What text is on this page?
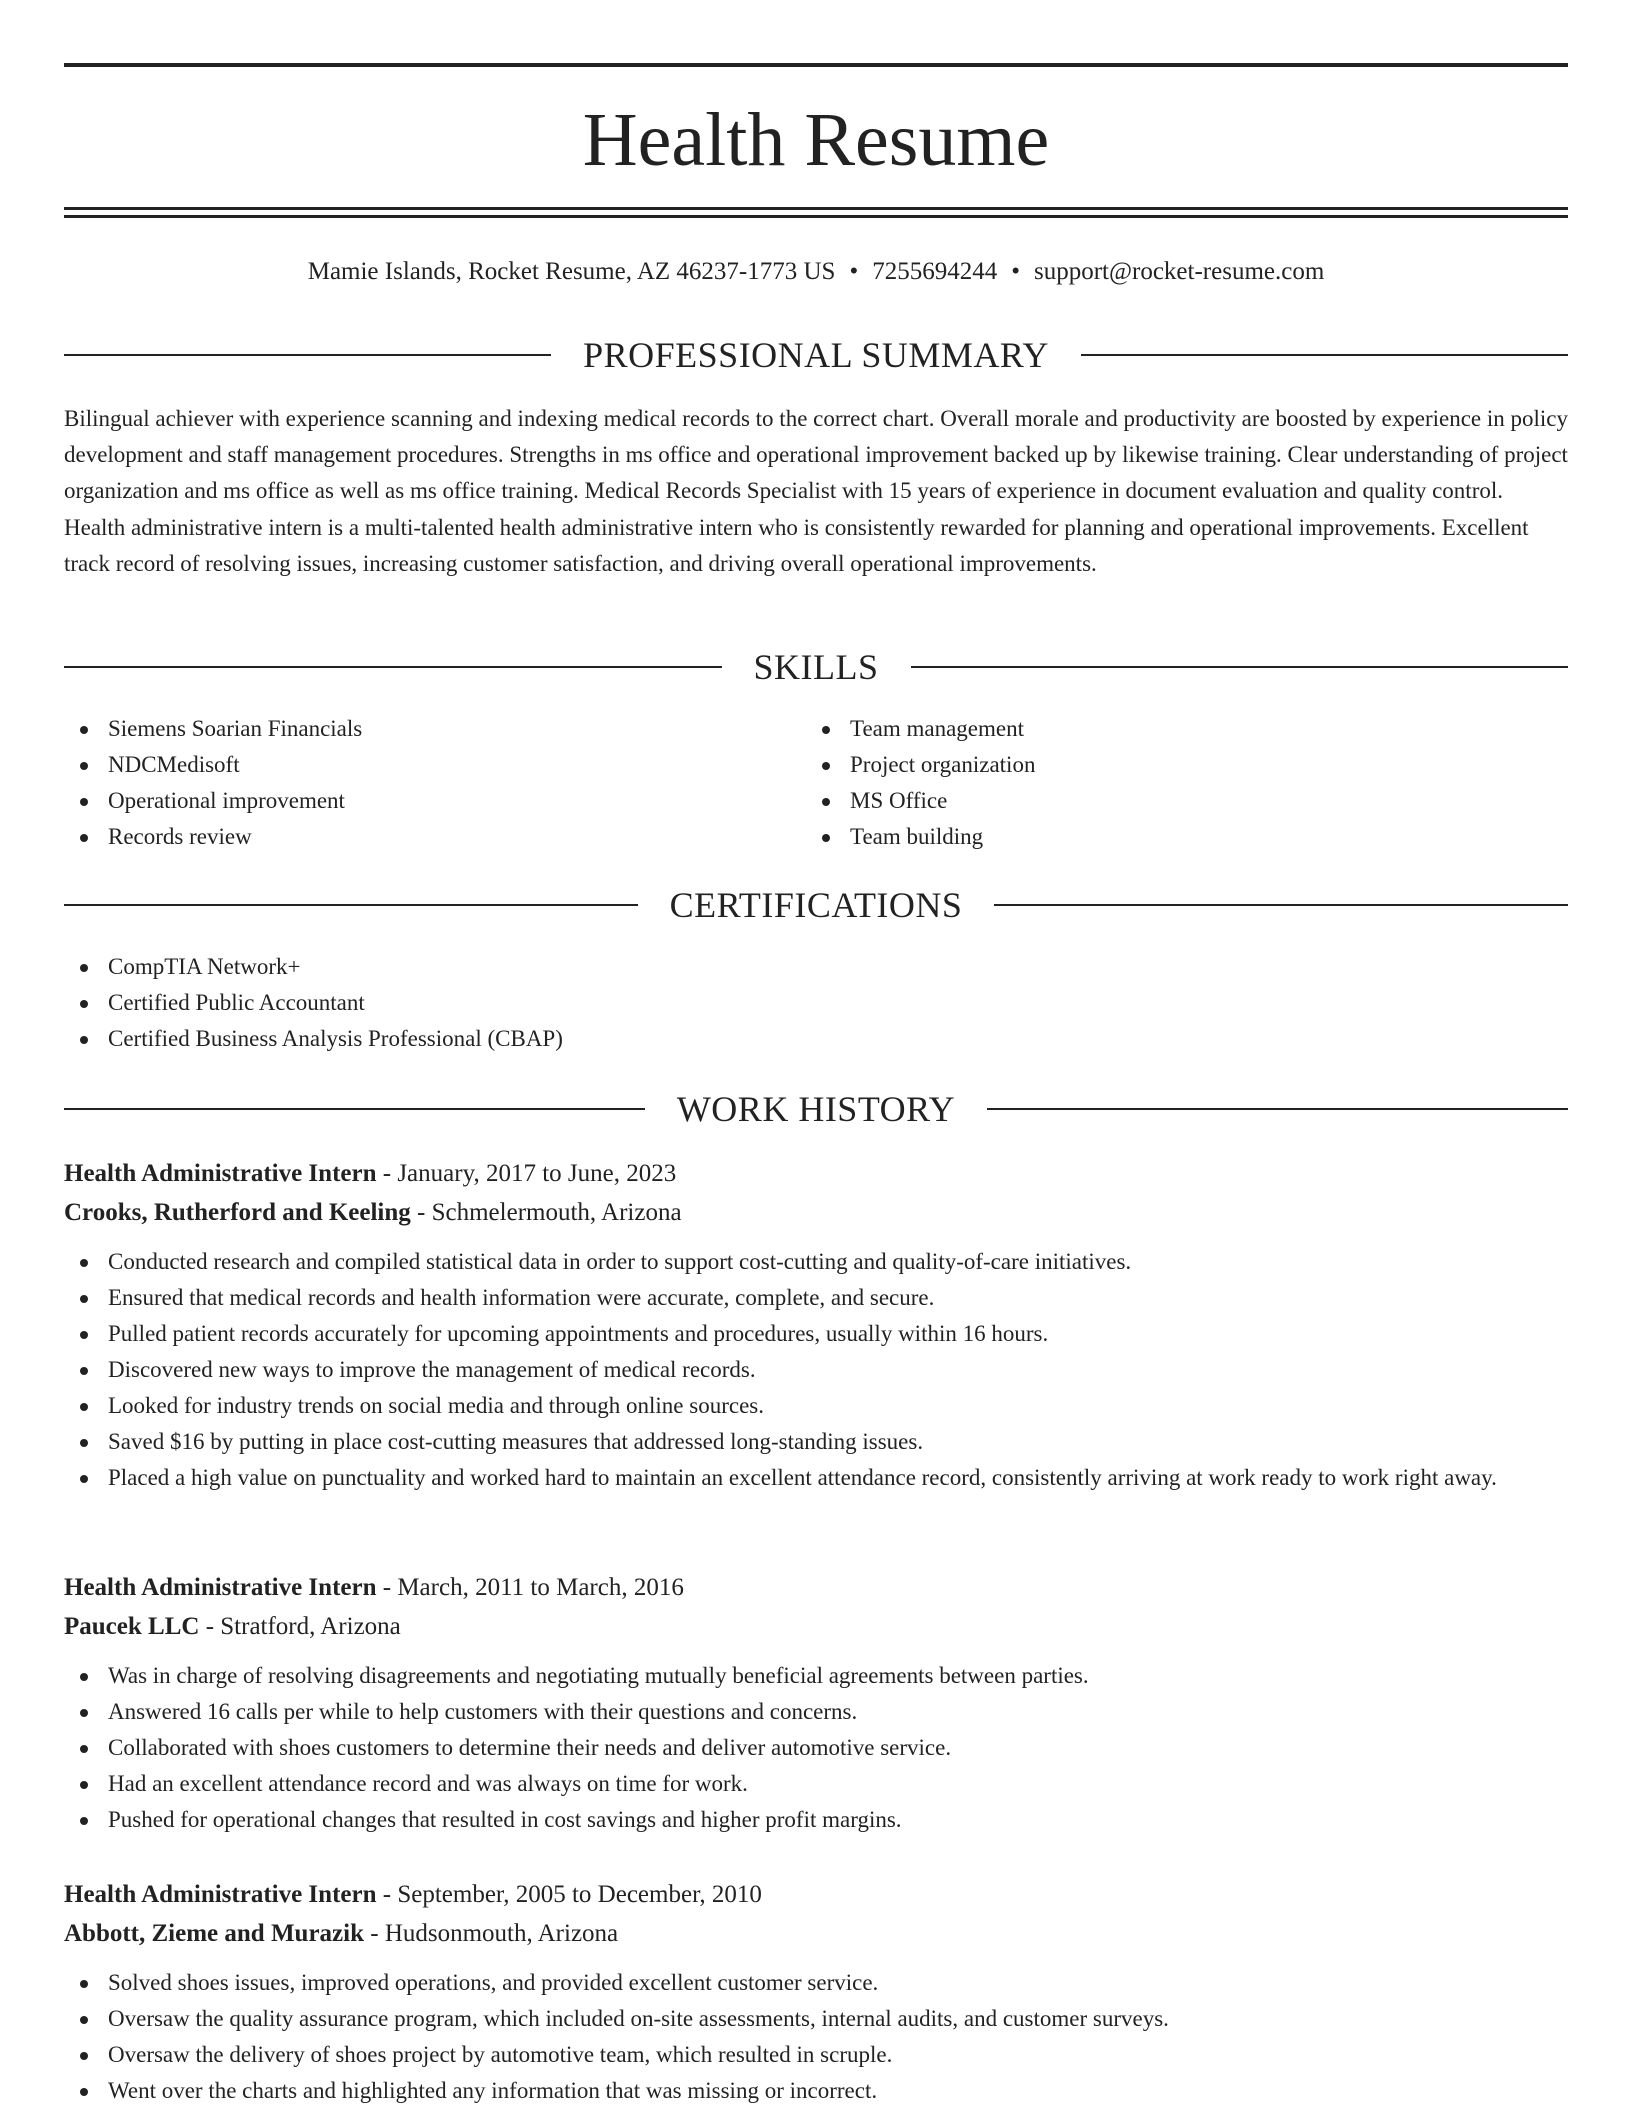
Health Resume
Mamie Islands, Rocket Resume, AZ 46237-1773 US • 7255694244 • support@rocket-resume.com
PROFESSIONAL SUMMARY

Bilingual achiever with experience scanning and indexing medical records to the correct chart. Overall morale and productivity are boosted by experience in policy development and staff management procedures. Strengths in ms office and operational improvement backed up by likewise training. Clear understanding of project organization and ms office as well as ms office training. Medical Records Specialist with 15 years of experience in document evaluation and quality control. Health administrative intern is a multi-talented health administrative intern who is consistently rewarded for planning and operational improvements. Excellent track record of resolving issues, increasing customer satisfaction, and driving overall operational improvements.

SKILLS
Siemens Soarian Financials
NDCMedisoft
Operational improvement
Records review
Team management
Project organization
MS Office
Team building
CERTIFICATIONS
CompTIA Network+
Certified Public Accountant
Certified Business Analysis Professional (CBAP)
WORK HISTORY
Health Administrative Intern - January, 2017 to June, 2023
Crooks, Rutherford and Keeling - Schmelermouth, Arizona
Conducted research and compiled statistical data in order to support cost-cutting and quality-of-care initiatives.
Ensured that medical records and health information were accurate, complete, and secure.
Pulled patient records accurately for upcoming appointments and procedures, usually within 16 hours.
Discovered new ways to improve the management of medical records.
Looked for industry trends on social media and through online sources.
Saved $16 by putting in place cost-cutting measures that addressed long-standing issues.
Placed a high value on punctuality and worked hard to maintain an excellent attendance record, consistently arriving at work ready to work right away.
Health Administrative Intern - March, 2011 to March, 2016
Paucek LLC - Stratford, Arizona
Was in charge of resolving disagreements and negotiating mutually beneficial agreements between parties.
Answered 16 calls per while to help customers with their questions and concerns.
Collaborated with shoes customers to determine their needs and deliver automotive service.
Had an excellent attendance record and was always on time for work.
Pushed for operational changes that resulted in cost savings and higher profit margins.
Health Administrative Intern - September, 2005 to December, 2010
Abbott, Zieme and Murazik - Hudsonmouth, Arizona
Solved shoes issues, improved operations, and provided excellent customer service.
Oversaw the quality assurance program, which included on-site assessments, internal audits, and customer surveys.
Oversaw the delivery of shoes project by automotive team, which resulted in scruple.
Went over the charts and highlighted any information that was missing or incorrect.
